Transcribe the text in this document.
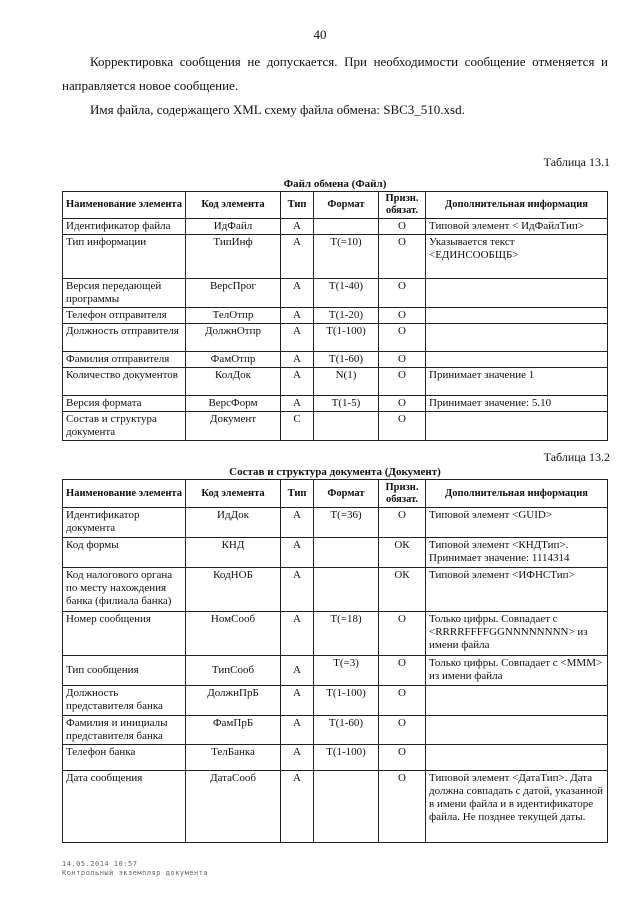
40
Корректировка сообщения не допускается. При необходимости сообщение отменяется и направляется новое сообщение.
Имя файла, содержащего XML схему файла обмена: SBC3_510.xsd.
Таблица 13.1
Файл обмена (Файл)
Наименование элемента	Код элемента	Тип	Формат	Призн. обязат.	Дополнительная информация
Идентификатор файла	ИдФайл	А		О	Типовой элемент < ИдФайлТип>
Тип информации	ТипИнф	А	Т(=10)	О	Указывается текст <ЕДИНСООБЩБ>
Версия передающей программы	ВерсПрог	А	Т(1-40)	О	
Телефон отправителя	ТелОтпр	А	Т(1-20)	О	
Должность отправителя	ДолжнОтпр	А	Т(1-100)	О	
Фамилия отправителя	ФамОтпр	А	Т(1-60)	О	
Количество документов	КолДок	А	N(1)	О	Принимает значение 1
Версия формата	ВерсФорм	А	Т(1-5)	О	Принимает значение: 5.10
Состав и структура документа	Документ	С		О	
Таблица 13.2
Состав и структура документа (Документ)
Наименование элемента	Код элемента	Тип	Формат	Призн. обязат.	Дополнительная информация
Идентификатор документа	ИдДок	А	Т(=36)	О	Типовой элемент <GUID>
Код формы	КНД	А		ОК	Типовой элемент <КНДТип>. Принимает значение: 1114314
Код налогового органа по месту нахождения банка (филиала банка)	КодНОБ	А		ОК	Типовой элемент <ИФНСТип>
Номер сообщения	НомСооб	А	Т(=18)	О	Только цифры. Совпадает с <RRRRFFFFGGNNNNNNNN> из имени файла
Тип сообщения	ТипСооб	А	Т(=3)	О	Только цифры. Совпадает с <МММ> из имени файла
Должность представителя банка	ДолжнПрБ	А	Т(1-100)	О	
Фамилия и инициалы представителя банка	ФамПрБ	А	Т(1-60)	О	
Телефон банка	ТелБанка	А	Т(1-100)	О	
Дата сообщения	ДатаСооб	А		О	Типовой элемент <ДатаТип>. Дата должна совпадать с датой, указанной в имени файла и в идентификаторе файла. Не позднее текущей даты.
14.05.2014 10:57
Контрольный экземпляр документа
